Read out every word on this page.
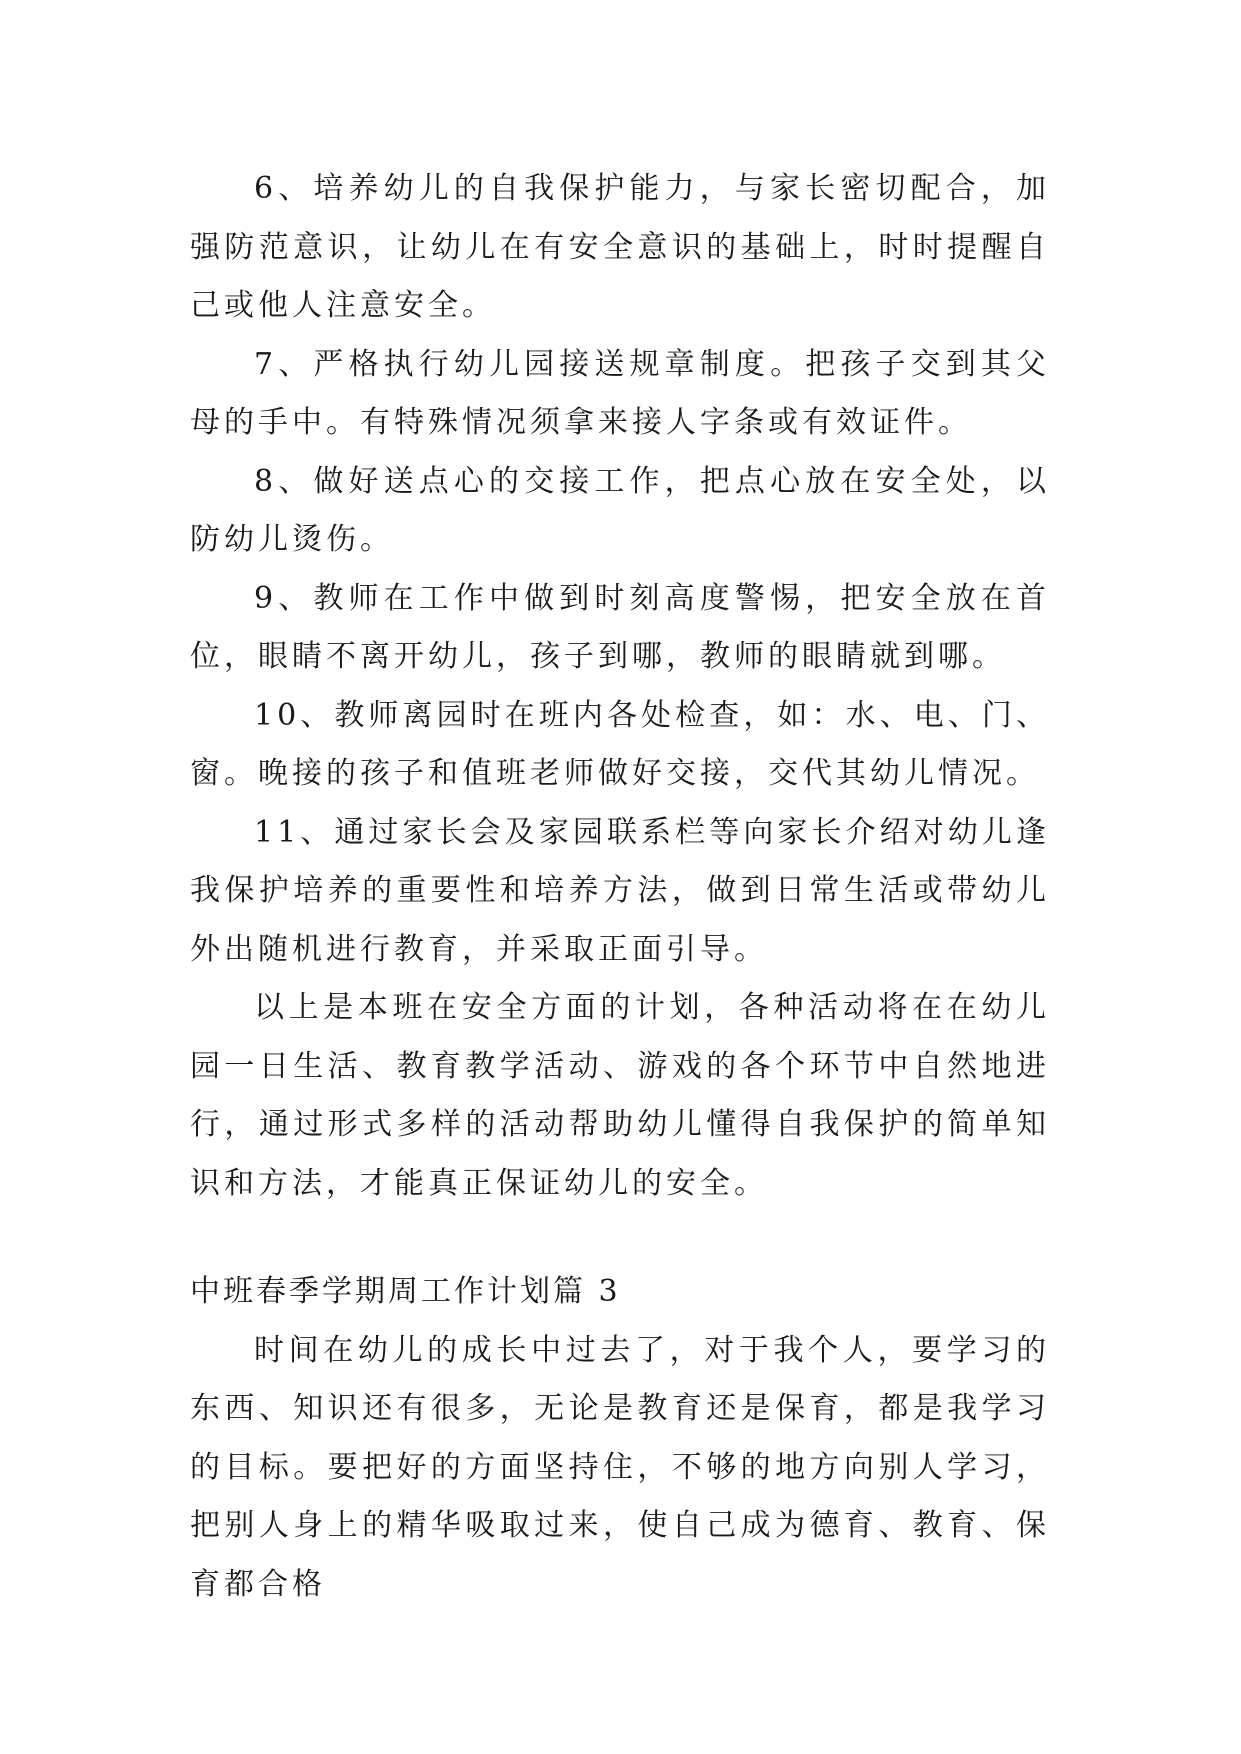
6、培养幼儿的自我保护能力，与家长密切配合，加强防范意识，让幼儿在有安全意识的基础上，时时提醒自己或他人注意安全。

7、严格执行幼儿园接送规章制度。把孩子交到其父母的手中。有特殊情况须拿来接人字条或有效证件。

8、做好送点心的交接工作，把点心放在安全处，以防幼儿烫伤。

9、教师在工作中做到时刻高度警惕，把安全放在首位，眼睛不离开幼儿，孩子到哪，教师的眼睛就到哪。

10、教师离园时在班内各处检查，如：水、电、门、窗。晚接的孩子和值班老师做好交接，交代其幼儿情况。

11、通过家长会及家园联系栏等向家长介绍对幼儿逢我保护培养的重要性和培养方法，做到日常生活或带幼儿外出随机进行教育，并采取正面引导。

以上是本班在安全方面的计划，各种活动将在在幼儿园一日生活、教育教学活动、游戏的各个环节中自然地进行，通过形式多样的活动帮助幼儿懂得自我保护的简单知识和方法，才能真正保证幼儿的安全。

中班春季学期周工作计划篇 3

时间在幼儿的成长中过去了，对于我个人，要学习的东西、知识还有很多，无论是教育还是保育，都是我学习的目标。要把好的方面坚持住，不够的地方向别人学习，把别人身上的精华吸取过来，使自己成为德育、教育、保育都合格
